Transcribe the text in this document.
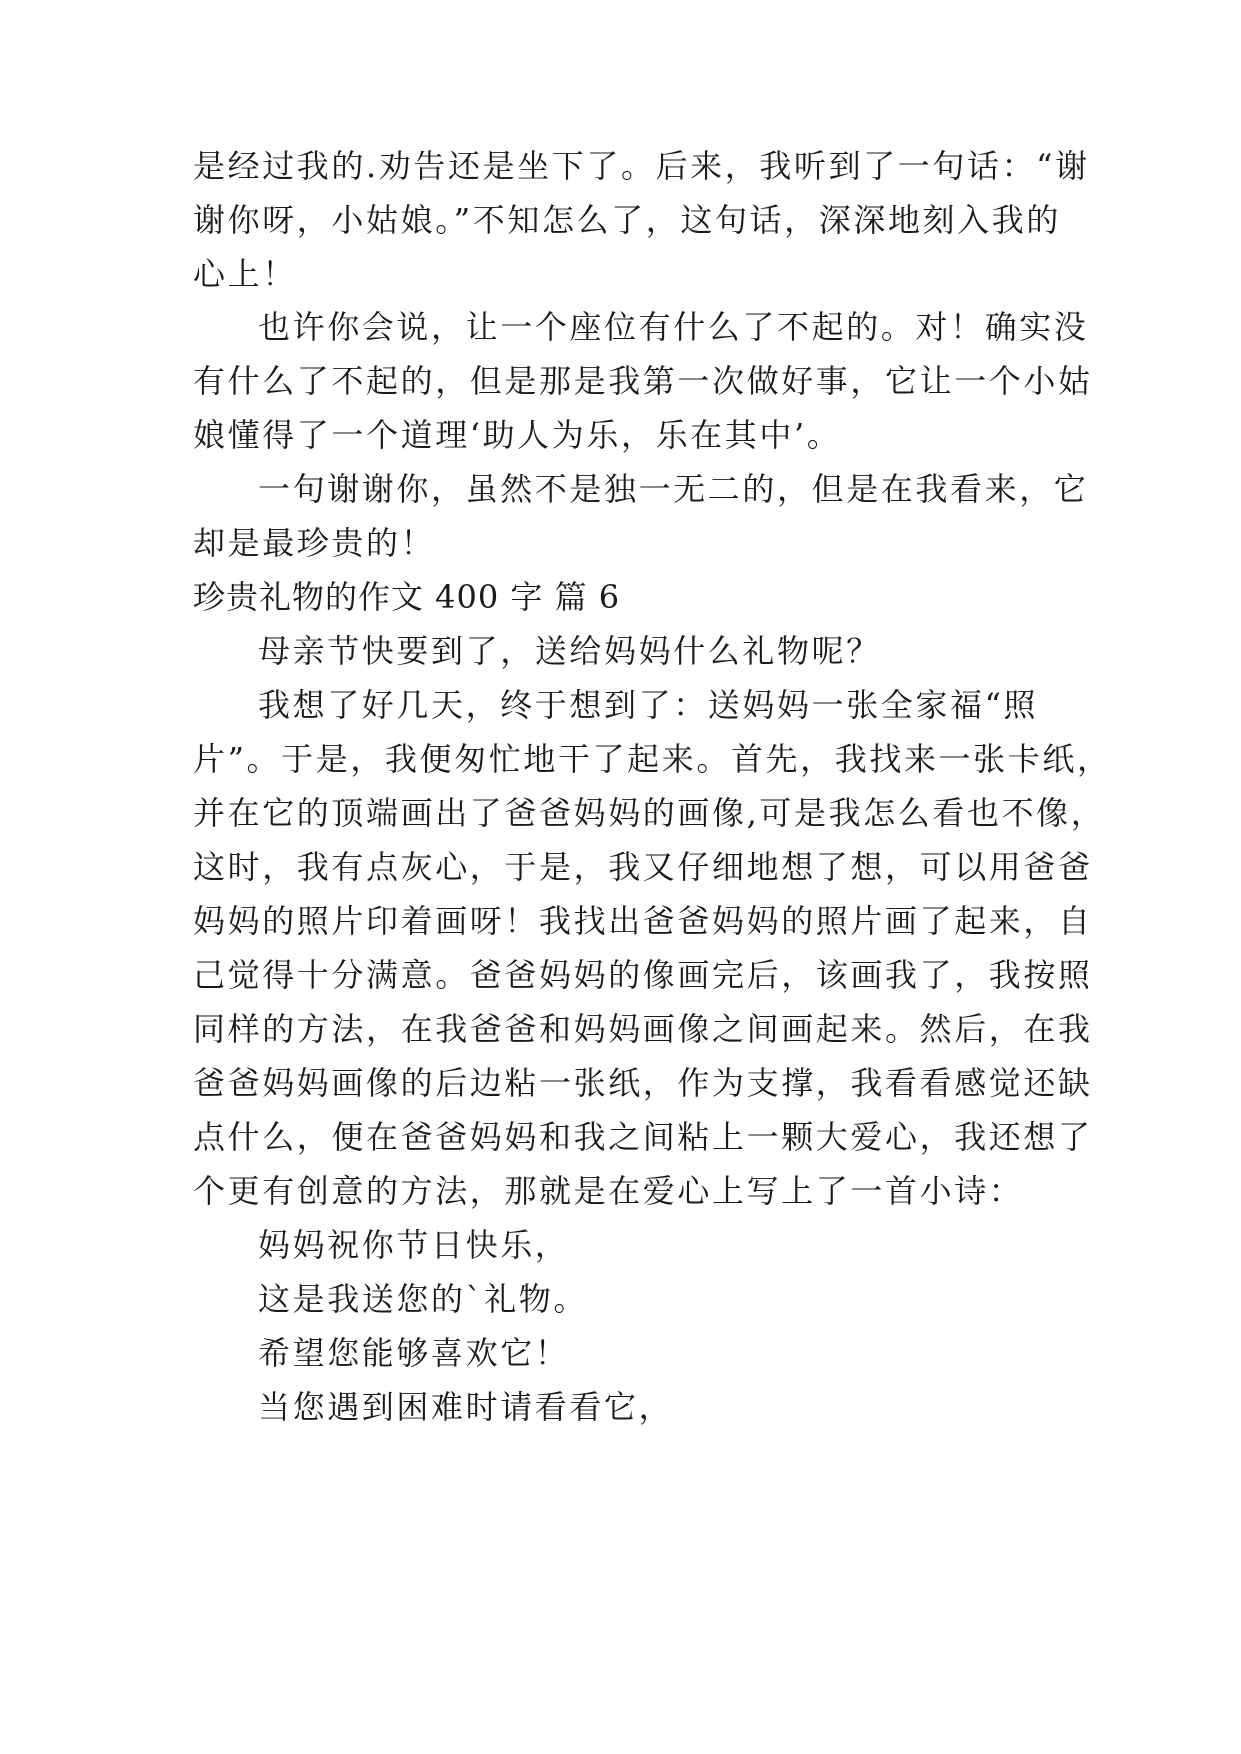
是经过我的.劝告还是坐下了。后来，我听到了一句话：“谢
谢你呀，小姑娘。”不知怎么了，这句话，深深地刻入我的
心上！
也许你会说，让一个座位有什么了不起的。对！确实没
有什么了不起的，但是那是我第一次做好事，它让一个小姑
娘懂得了一个道理‘助人为乐，乐在其中’。
一句谢谢你，虽然不是独一无二的，但是在我看来，它
却是最珍贵的！
珍贵礼物的作文 400 字 篇 6
母亲节快要到了，送给妈妈什么礼物呢？
我想了好几天，终于想到了：送妈妈一张全家福“照
片”。于是，我便匆忙地干了起来。首先，我找来一张卡纸，
并在它的顶端画出了爸爸妈妈的画像,可是我怎么看也不像，
这时，我有点灰心，于是，我又仔细地想了想，可以用爸爸
妈妈的照片印着画呀！我找出爸爸妈妈的照片画了起来，自
己觉得十分满意。爸爸妈妈的像画完后，该画我了，我按照
同样的方法，在我爸爸和妈妈画像之间画起来。然后，在我
爸爸妈妈画像的后边粘一张纸，作为支撑，我看看感觉还缺
点什么，便在爸爸妈妈和我之间粘上一颗大爱心，我还想了
个更有创意的方法，那就是在爱心上写上了一首小诗：
妈妈祝你节日快乐，
这是我送您的`礼物。
希望您能够喜欢它！
当您遇到困难时请看看它，
